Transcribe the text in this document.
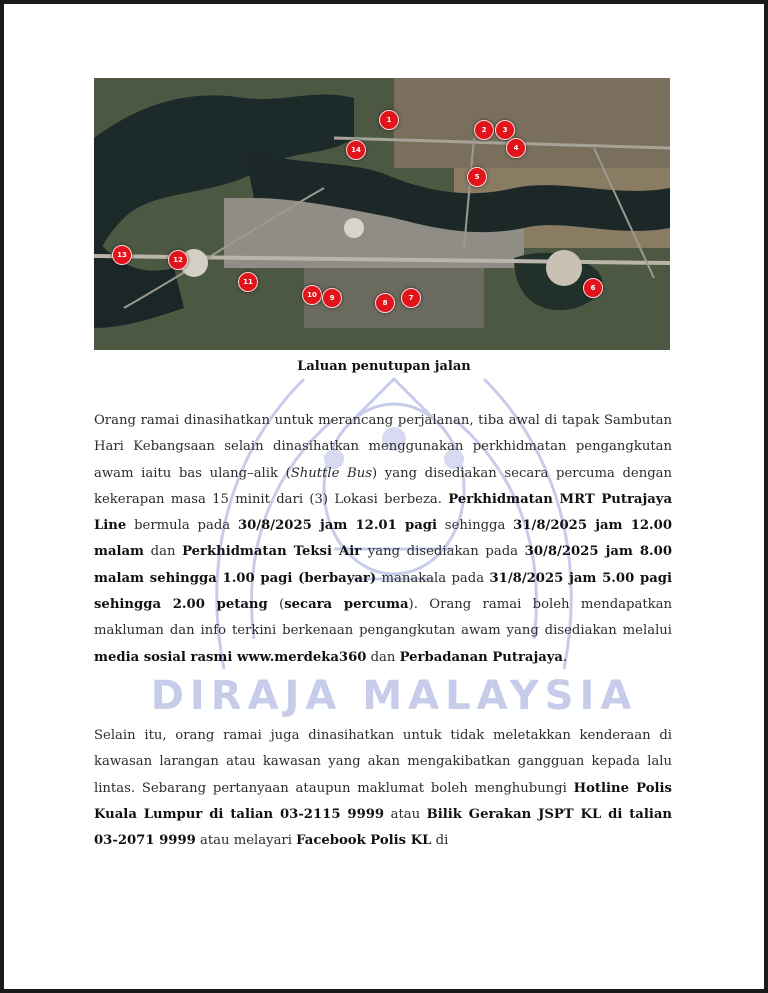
DIRAJA MALAYSIA
1
2	3
4
5
14
13
12
11
10	9
8
7
6
Laluan penutupan jalan
Orang ramai dinasihatkan untuk merancang perjalanan, tiba awal di tapak Sambutan Hari Kebangsaan selain dinasihatkan menggunakan perkhidmatan pengangkutan awam iaitu bas ulang–alik (Shuttle Bus) yang disediakan secara percuma dengan kekerapan masa 15 minit dari (3) Lokasi berbeza. Perkhidmatan MRT Putrajaya Line bermula pada 30/8/2025 jam 12.01 pagi sehingga 31/8/2025 jam 12.00 malam dan Perkhidmatan Teksi Air yang disediakan pada 30/8/2025 jam 8.00 malam sehingga 1.00 pagi (berbayar) manakala pada 31/8/2025 jam 5.00 pagi sehingga 2.00 petang (secara percuma). Orang ramai boleh mendapatkan makluman dan info terkini berkenaan pengangkutan awam yang disediakan melalui media sosial rasmi www.merdeka360 dan Perbadanan Putrajaya.
Selain itu, orang ramai juga dinasihatkan untuk tidak meletakkan kenderaan di kawasan larangan atau kawasan yang akan mengakibatkan gangguan kepada lalu lintas. Sebarang pertanyaan ataupun maklumat boleh menghubungi Hotline Polis Kuala Lumpur di talian 03-2115 9999 atau Bilik Gerakan JSPT KL di talian 03-2071 9999 atau melayari Facebook Polis KL di
